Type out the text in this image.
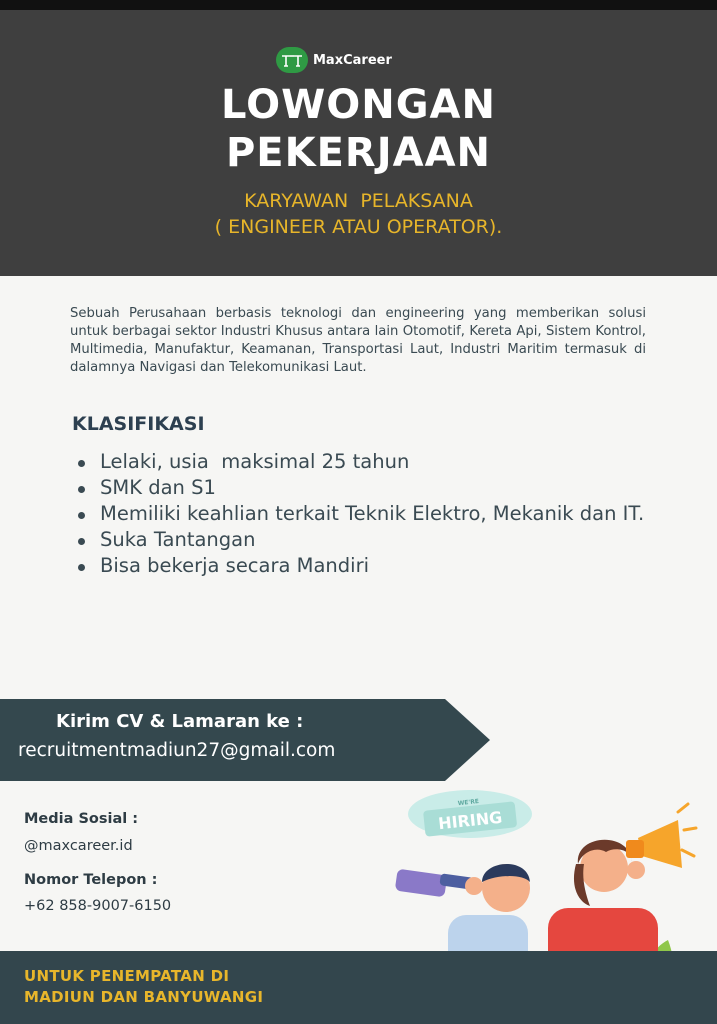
MaxCareer
LOWONGAN
PEKERJAAN
KARYAWAN  PELAKSANA
( ENGINEER ATAU OPERATOR).
Sebuah Perusahaan berbasis teknologi dan engineering yang memberikan solusi untuk berbagai sektor Industri Khusus antara lain Otomotif, Kereta Api, Sistem Kontrol, Multimedia, Manufaktur, Keamanan, Transportasi Laut, Industri Maritim termasuk di dalamnya Navigasi dan Telekomunikasi Laut.
KLASIFIKASI
Lelaki, usia  maksimal 25 tahun
SMK dan S1
Memiliki keahlian terkait Teknik Elektro, Mekanik dan IT.
Suka Tantangan
Bisa bekerja secara Mandiri
Kirim CV & Lamaran ke :
recruitmentmadiun27@gmail.com
Media Sosial :
@maxcareer.id
Nomor Telepon :
+62 858-9007-6150
WE'RE
HIRING
UNTUK PENEMPATAN DI
MADIUN DAN BANYUWANGI
